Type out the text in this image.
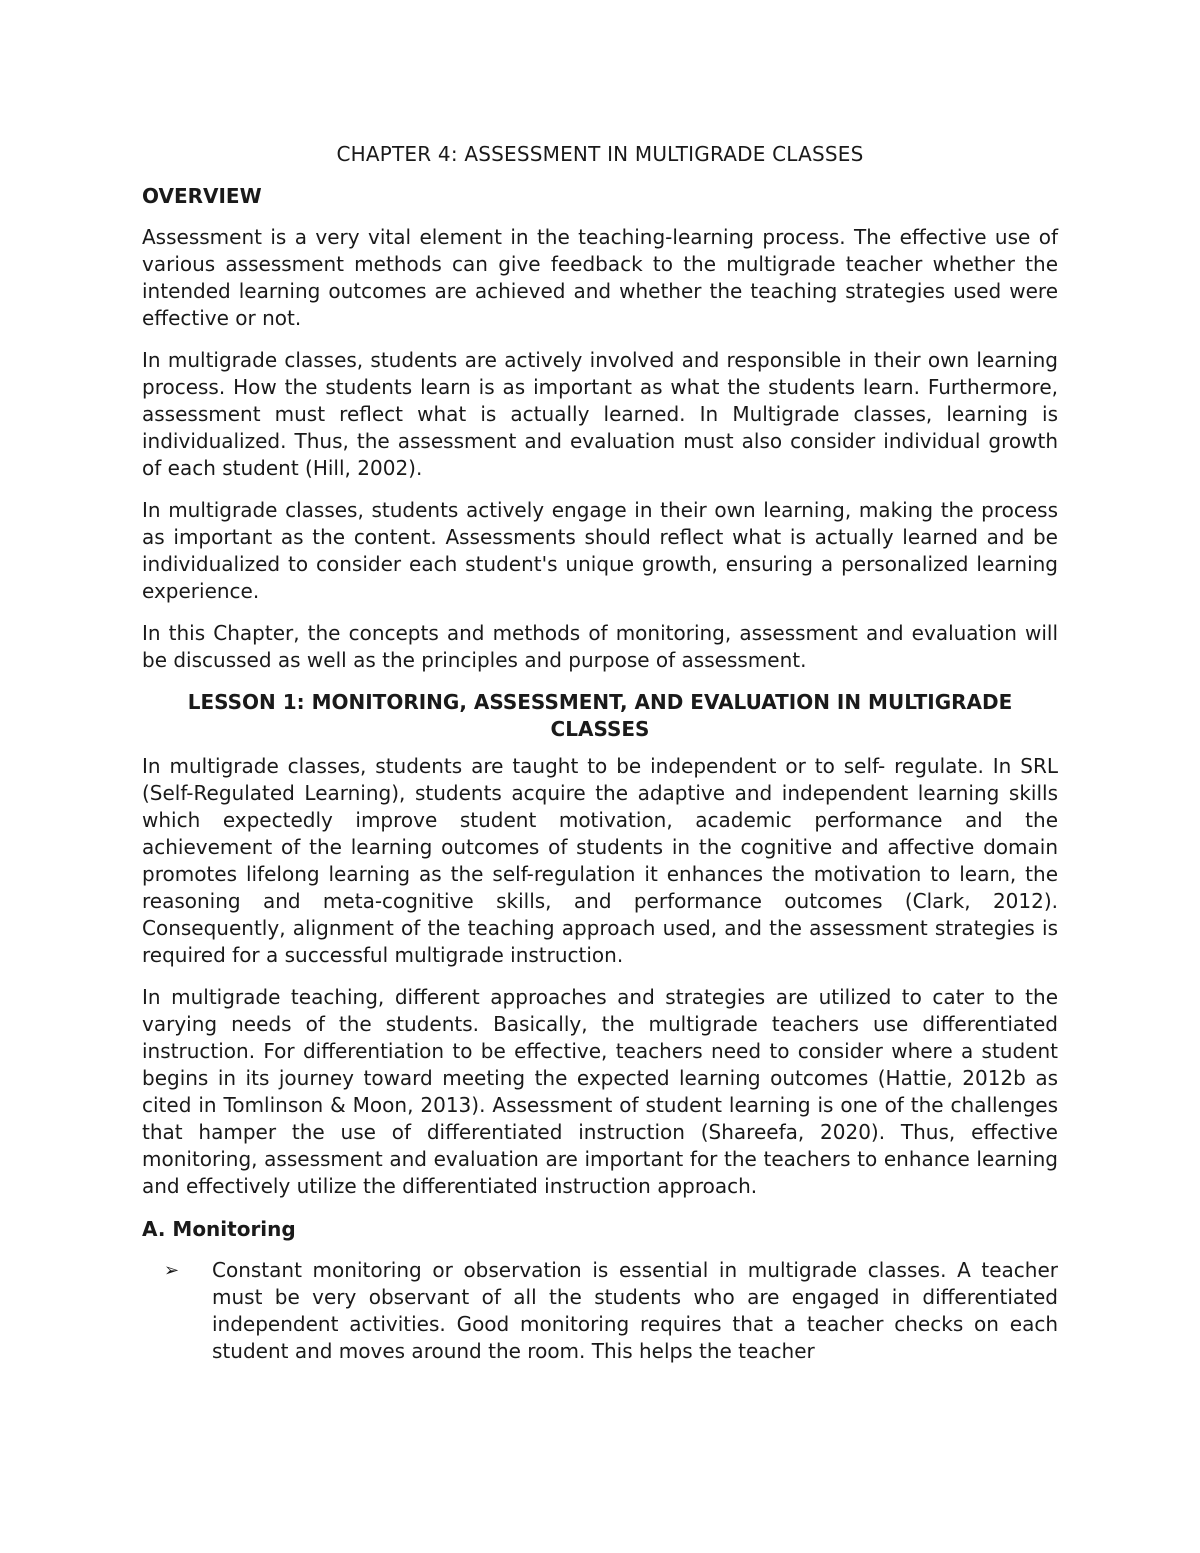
CHAPTER 4: ASSESSMENT IN MULTIGRADE CLASSES
OVERVIEW

Assessment is a very vital element in the teaching-learning process. The effective use of various assessment methods can give feedback to the multigrade teacher whether the intended learning outcomes are achieved and whether the teaching strategies used were effective or not.

In multigrade classes, students are actively involved and responsible in their own learning process. How the students learn is as important as what the students learn. Furthermore, assessment must reflect what is actually learned. In Multigrade classes, learning is individualized. Thus, the assessment and evaluation must also consider individual growth of each student (Hill, 2002).

In multigrade classes, students actively engage in their own learning, making the process as important as the content. Assessments should reflect what is actually learned and be individualized to consider each student's unique growth, ensuring a personalized learning experience.

In this Chapter, the concepts and methods of monitoring, assessment and evaluation will be discussed as well as the principles and purpose of assessment.

LESSON 1: MONITORING, ASSESSMENT, AND EVALUATION IN MULTIGRADE CLASSES

In multigrade classes, students are taught to be independent or to self- regulate. In SRL (Self-Regulated Learning), students acquire the adaptive and independent learning skills which expectedly improve student motivation, academic performance and the achievement of the learning outcomes of students in the cognitive and affective domain promotes lifelong learning as the self-regulation it enhances the motivation to learn, the reasoning and meta-cognitive skills, and performance outcomes (Clark, 2012). Consequently, alignment of the teaching approach used, and the assessment strategies is required for a successful multigrade instruction.

In multigrade teaching, different approaches and strategies are utilized to cater to the varying needs of the students. Basically, the multigrade teachers use differentiated instruction. For differentiation to be effective, teachers need to consider where a student begins in its journey toward meeting the expected learning outcomes (Hattie, 2012b as cited in Tomlinson & Moon, 2013). Assessment of student learning is one of the challenges that hamper the use of differentiated instruction (Shareefa, 2020). Thus, effective monitoring, assessment and evaluation are important for the teachers to enhance learning and effectively utilize the differentiated instruction approach.

A. Monitoring
➢ Constant monitoring or observation is essential in multigrade classes. A teacher must be very observant of all the students who are engaged in differentiated independent activities. Good monitoring requires that a teacher checks on each student and moves around the room. This helps the teacher
